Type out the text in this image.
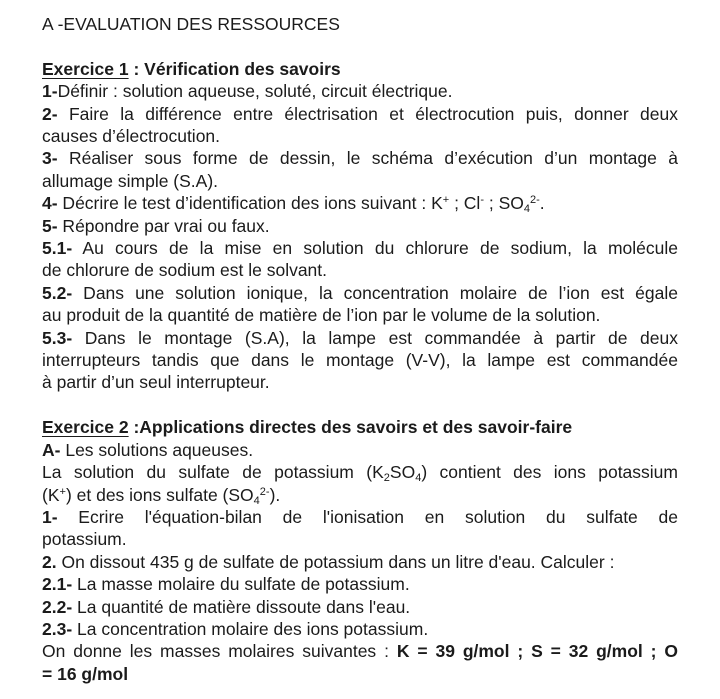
A -EVALUATION DES RESSOURCES
Exercice 1 : Vérification des savoirs
1-Définir : solution aqueuse, soluté, circuit électrique.
2- Faire la différence entre électrisation et électrocution puis, donner deux
causes d’électrocution.
3- Réaliser sous forme de dessin, le schéma d’exécution d’un montage à
allumage simple (S.A).
4- Décrire le test d’identification des ions suivant : K+ ; Cl- ; $SO4^{2-}$.
5- Répondre par vrai ou faux.
5.1- Au cours de la mise en solution du chlorure de sodium, la molécule
de chlorure de sodium est le solvant.
5.2- Dans une solution ionique, la concentration molaire de l’ion est égale
au produit de la quantité de matière de l’ion par le volume de la solution.
5.3- Dans le montage (S.A), la lampe est commandée à partir de deux
interrupteurs tandis que dans le montage (V-V), la lampe est commandée
à partir d’un seul interrupteur.
Exercice 2 :Applications directes des savoirs et des savoir-faire
A- Les solutions aqueuses.
La solution du sulfate de potassium (K2SO4) contient des ions potassium
(K+) et des ions sulfate $(SO4^{2-})$.
1- Ecrire l'équation-bilan de l'ionisation en solution du sulfate de
potassium.
2. On dissout 435 g de sulfate de potassium dans un litre d'eau. Calculer :
2.1- La masse molaire du sulfate de potassium.
2.2- La quantité de matière dissoute dans l'eau.
2.3- La concentration molaire des ions potassium.
On donne les masses molaires suivantes : K = 39 g/mol ; S = 32 g/mol ; O
= 16 g/mol
